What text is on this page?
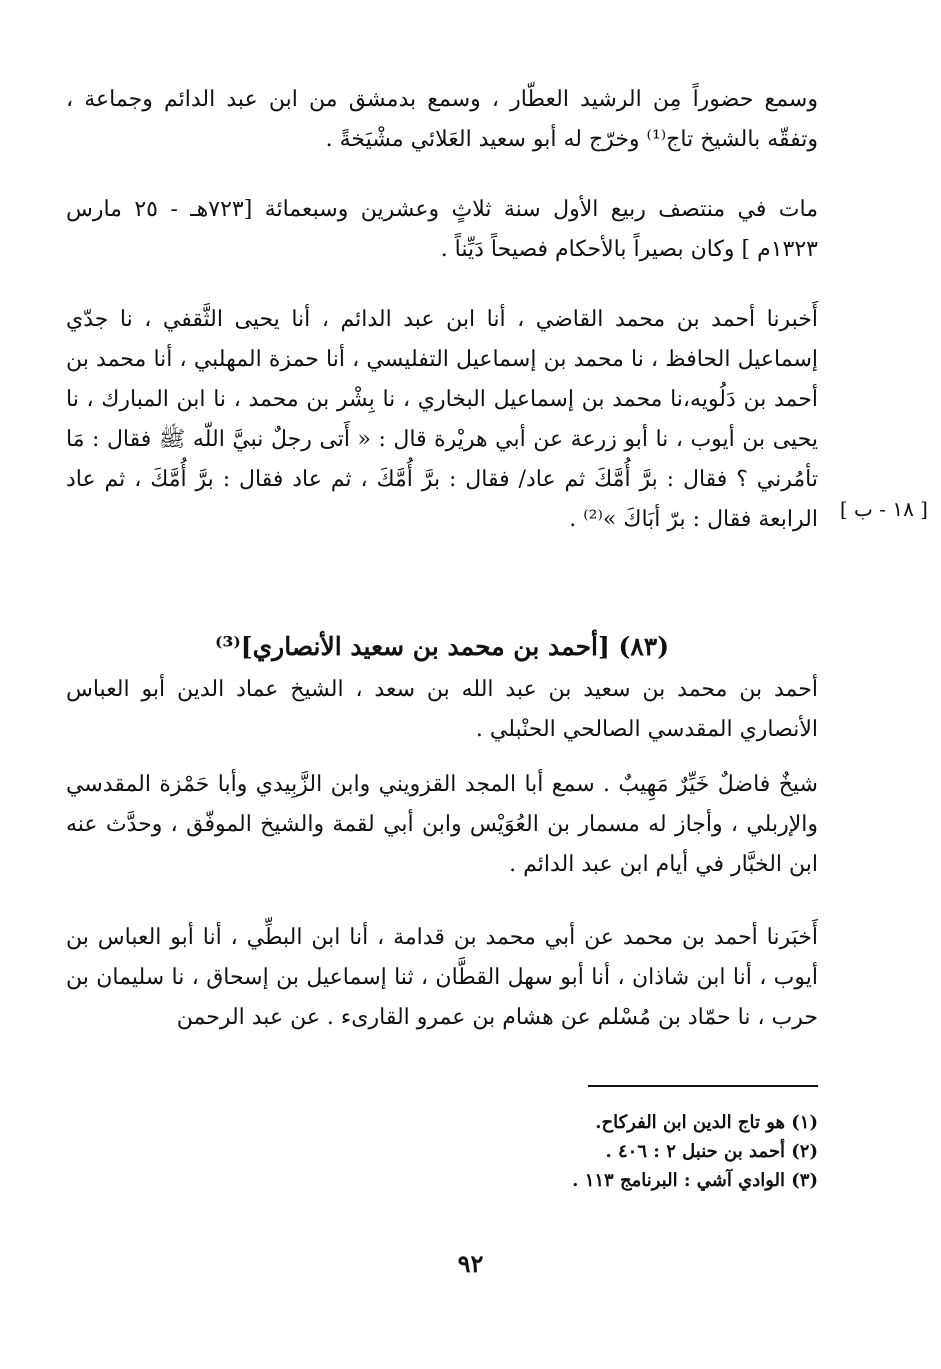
وسمع حضوراً مِن الرشيد العطّار ، وسمع بدمشق من ابن عبد الدائم وجماعة ، وتفقّه بالشيخ تاج⁽¹⁾ وخرّج له أبو سعيد العَلائي مشْيَخةً .

مات في منتصف ربيع الأول سنة ثلاثٍ وعشرين وسبعمائة [٧٢٣هـ - ٢٥ مارس ١٣٢٣م ] وكان بصيراً بالأحكام فصيحاً دَيِّناً .

أَخبرنا أحمد بن محمد القاضي ، أنا ابن عبد الدائم ، أنا يحيى الثَّقفي ، نا جدّي إسماعيل الحافظ ، نا محمد بن إسماعيل التفليسي ، أنا حمزة المهلبي ، أنا محمد بن أحمد بن دَلُويه،نا محمد بن إسماعيل البخاري ، نا بِشْر بن محمد ، نا ابن المبارك ، نا يحيى بن أيوب ، نا أبو زرعة عن أبي هريْرة قال : « أَتى رجلٌ نبيَّ اللّه ﷺ فقال : مَا تأمُرني ؟ فقال : برَّ أُمَّكَ ثم عاد/ فقال : برَّ أُمَّكَ ، ثم عاد فقال : برَّ أُمَّكَ ، ثم عاد الرابعة فقال : برّ أبَاكَ »⁽²⁾ .	[ ١٨ - ب ]
(٨٣) [أحمد بن محمد بن سعيد الأنصاري]⁽³⁾

أحمد بن محمد بن سعيد بن عبد الله بن سعد ، الشيخ عماد الدين أبو العباس الأنصاري المقدسي الصالحي الحنْبلي .

شيخٌ فاضلٌ خَيِّرٌ مَهِيبٌ . سمع أبا المجد القزويني وابن الزَّبِيدي وأبا حَمْزة المقدسي والإربلي ، وأجاز له مسمار بن العُوَيْس وابن أبي لقمة والشيخ الموفّق ، وحدَّث عنه ابن الخبَّار في أيام ابن عبد الدائم .

أَخبَرنا أحمد بن محمد عن أبي محمد بن قدامة ، أنا ابن البطِّي ، أنا أبو العباس بن أيوب ، أنا ابن شاذان ، أنا أبو سهل القطَّان ، ثنا إسماعيل بن إسحاق ، نا سليمان بن حرب ، نا حمّاد بن مُسْلم عن هشام بن عمرو القارىء . عن عبد الرحمن

(١) هو تاج الدين ابن الفركاح.
(٢) أحمد بن حنبل ٢ : ٤٠٦ .
(٣) الوادي آشي : البرنامج ١١٣ .
٩٢
